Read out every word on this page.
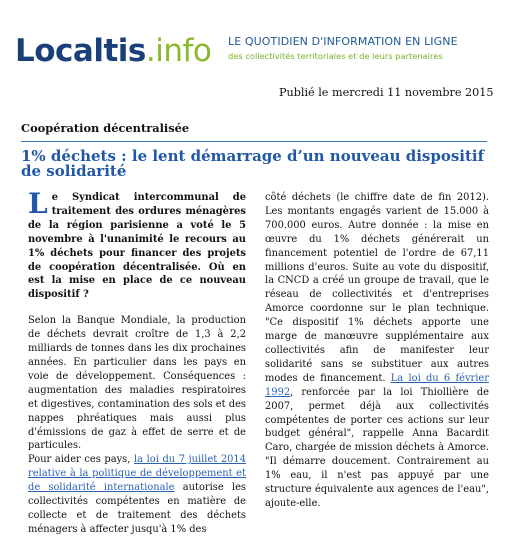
Localtis.info LE QUOTIDIEN D'INFORMATION EN LIGNE
des collectivités territoriales et de leurs partenaires
Publié le mercredi 11 novembre 2015
Coopération décentralisée
1% déchets : le lent démarrage d’un nouveau dispositif de solidarité

Le Syndicat intercommunal de traitement des ordures ménagères de la région parisienne a voté le 5 novembre à l'unanimité le recours au 1% déchets pour financer des projets de coopération décentralisée. Où en est la mise en place de ce nouveau dispositif ?

Selon la Banque Mondiale, la production de déchets devrait croître de 1,3 à 2,2 milliards de tonnes dans les dix prochaines années. En particulier dans les pays en voie de développement. Conséquences : augmentation des maladies respiratoires et digestives, contamination des sols et des nappes phréatiques mais aussi plus d'émissions de gaz à effet de serre et de particules.

Pour aider ces pays, la loi du 7 juillet 2014 relative à la politique de développement et de solidarité internationale autorise les collectivités compétentes en matière de collecte et de traitement des déchets ménagers à affecter jusqu'à 1% des

côté déchets (le chiffre date de fin 2012). Les montants engagés varient de 15.000 à 700.000 euros. Autre donnée : la mise en œuvre du 1% déchets générerait un financement potentiel de l'ordre de 67,11 millions d'euros. Suite au vote du dispositif, la CNCD a créé un groupe de travail, que le réseau de collectivités et d'entreprises Amorce coordonne sur le plan technique. "Ce dispositif 1% déchets apporte une marge de manœuvre supplémentaire aux collectivités afin de manifester leur solidarité sans se substituer aux autres modes de financement. La loi du 6 février 1992, renforcée par la loi Thiollière de 2007, permet déjà aux collectivités compétentes de porter ces actions sur leur budget général", rappelle Anna Bacardit Caro, chargée de mission déchets à Amorce. "Il démarre doucement. Contrairement au 1% eau, il n'est pas appuyé par une structure équivalente aux agences de l'eau", ajoute-elle.
